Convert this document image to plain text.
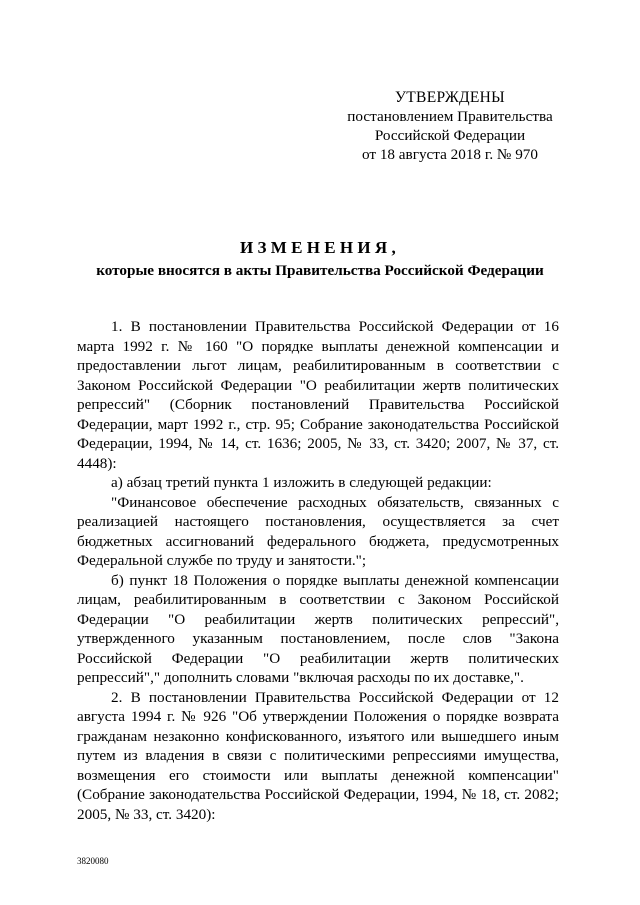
УТВЕРЖДЕНЫ
постановлением Правительства
Российской Федерации
от 18 августа 2018 г. № 970
ИЗМЕНЕНИЯ,
которые вносятся в акты Правительства Российской Федерации

1. В постановлении Правительства Российской Федерации от 16 марта 1992 г. № 160 "О порядке выплаты денежной компенсации и предоставлении льгот лицам, реабилитированным в соответствии с Законом Российской Федерации "О реабилитации жертв политических репрессий" (Сборник постановлений Правительства Российской Федерации, март 1992 г., стр. 95; Собрание законодательства Российской Федерации, 1994, № 14, ст. 1636; 2005, № 33, ст. 3420; 2007, № 37, ст. 4448):

а) абзац третий пункта 1 изложить в следующей редакции:

"Финансовое обеспечение расходных обязательств, связанных с реализацией настоящего постановления, осуществляется за счет бюджетных ассигнований федерального бюджета, предусмотренных Федеральной службе по труду и занятости.";

б) пункт 18 Положения о порядке выплаты денежной компенсации лицам, реабилитированным в соответствии с Законом Российской Федерации "О реабилитации жертв политических репрессий", утвержденного указанным постановлением, после слов "Закона Российской Федерации "О реабилитации жертв политических репрессий"," дополнить словами "включая расходы по их доставке,".

2. В постановлении Правительства Российской Федерации от 12 августа 1994 г. № 926 "Об утверждении Положения о порядке возврата гражданам незаконно конфискованного, изъятого или вышедшего иным путем из владения в связи с политическими репрессиями имущества, возмещения его стоимости или выплаты денежной компенсации" (Собрание законодательства Российской Федерации, 1994, № 18, ст. 2082; 2005, № 33, ст. 3420):

3820080
